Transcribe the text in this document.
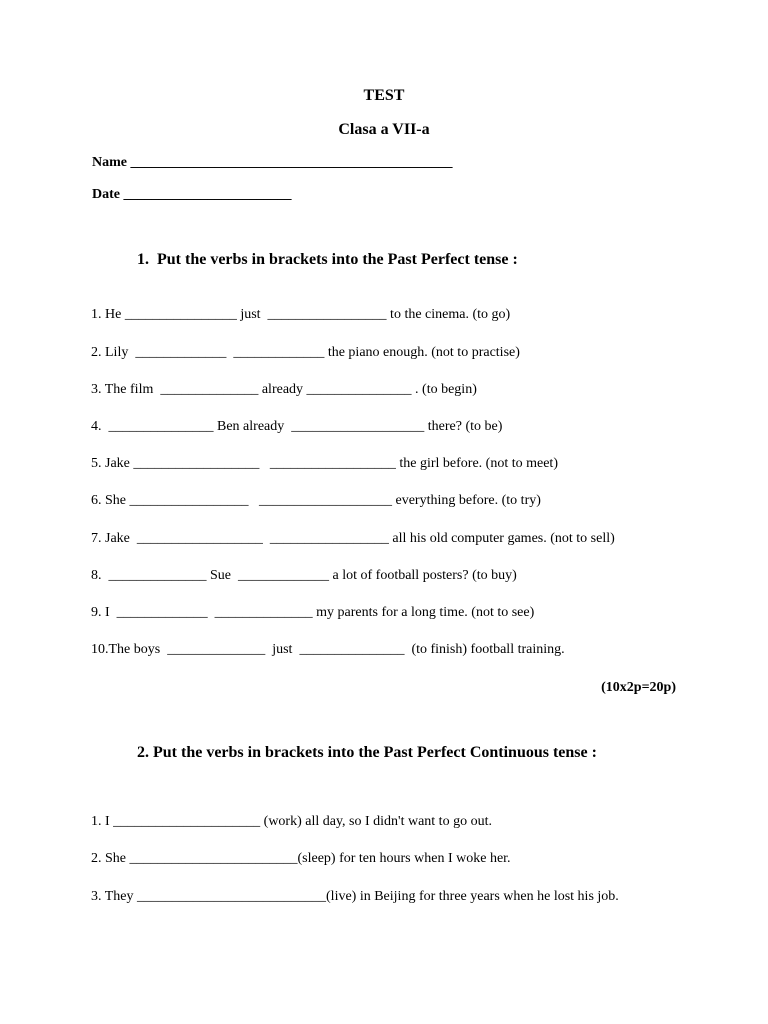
TEST

Clasa a VII-a

Name ______________________________________________

Date ________________________

1.  Put the verbs in brackets into the Past Perfect tense :

1. He ________________ just  _________________ to the cinema. (to go)

2. Lily  _____________  _____________ the piano enough. (not to practise)

3. The film  ______________ already _______________ . (to begin)

4.  _______________ Ben already  ___________________ there? (to be)

5. Jake __________________   __________________ the girl before. (not to meet)

6. She _________________   ___________________ everything before. (to try)

7. Jake  __________________  _________________ all his old computer games. (not to sell)

8.  ______________ Sue  _____________ a lot of football posters? (to buy)

9. I  _____________  ______________ my parents for a long time. (not to see)

10.The boys  ______________  just  _______________  (to finish) football training.

(10x2p=20p)

2. Put the verbs in brackets into the Past Perfect Continuous tense :

1. I _____________________ (work) all day, so I didn't want to go out.

2. She ________________________(sleep) for ten hours when I woke her.

3. They ___________________________(live) in Beijing for three years when he lost his job.
